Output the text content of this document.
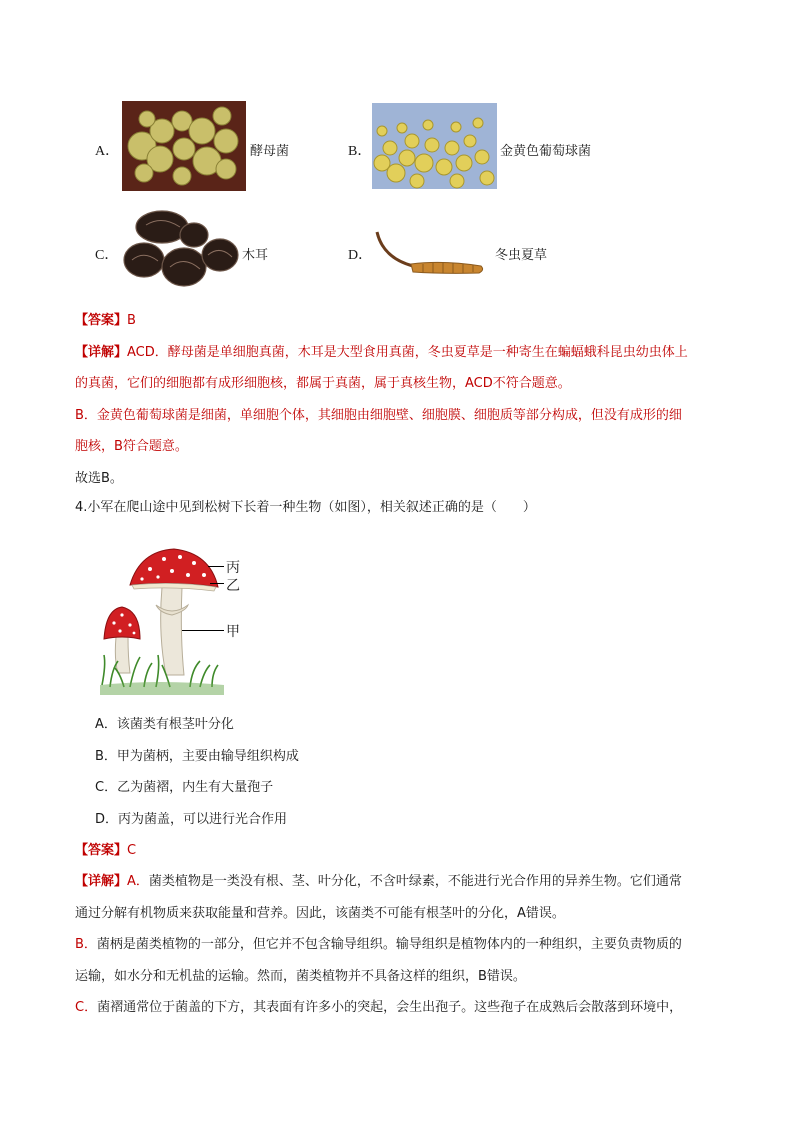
A．	酵母菌	B．	金黄色葡萄球菌
C．	木耳	D．	冬虫夏草
【答案】B
【详解】ACD．酵母菌是单细胞真菌，木耳是大型食用真菌，冬虫夏草是一种寄生在蝙蝠蛾科昆虫幼虫体上
的真菌，它们的细胞都有成形细胞核，都属于真菌，属于真核生物，ACD不符合题意。
B．金黄色葡萄球菌是细菌，单细胞个体，其细胞由细胞壁、细胞膜、细胞质等部分构成，但没有成形的细
胞核，B符合题意。
故选B。
4.小军在爬山途中见到松树下长着一种生物（如图），相关叙述正确的是（　　）
丙
乙
甲
A．该菌类有根茎叶分化
B．甲为菌柄，主要由输导组织构成
C．乙为菌褶，内生有大量孢子
D．丙为菌盖，可以进行光合作用
【答案】C
【详解】A．菌类植物是一类没有根、茎、叶分化，不含叶绿素，不能进行光合作用的异养生物。它们通常
通过分解有机物质来获取能量和营养。因此，该菌类不可能有根茎叶的分化，A错误。
B．菌柄是菌类植物的一部分，但它并不包含输导组织。输导组织是植物体内的一种组织，主要负责物质的
运输，如水分和无机盐的运输。然而，菌类植物并不具备这样的组织，B错误。
C．菌褶通常位于菌盖的下方，其表面有许多小的突起，会生出孢子。这些孢子在成熟后会散落到环境中，
